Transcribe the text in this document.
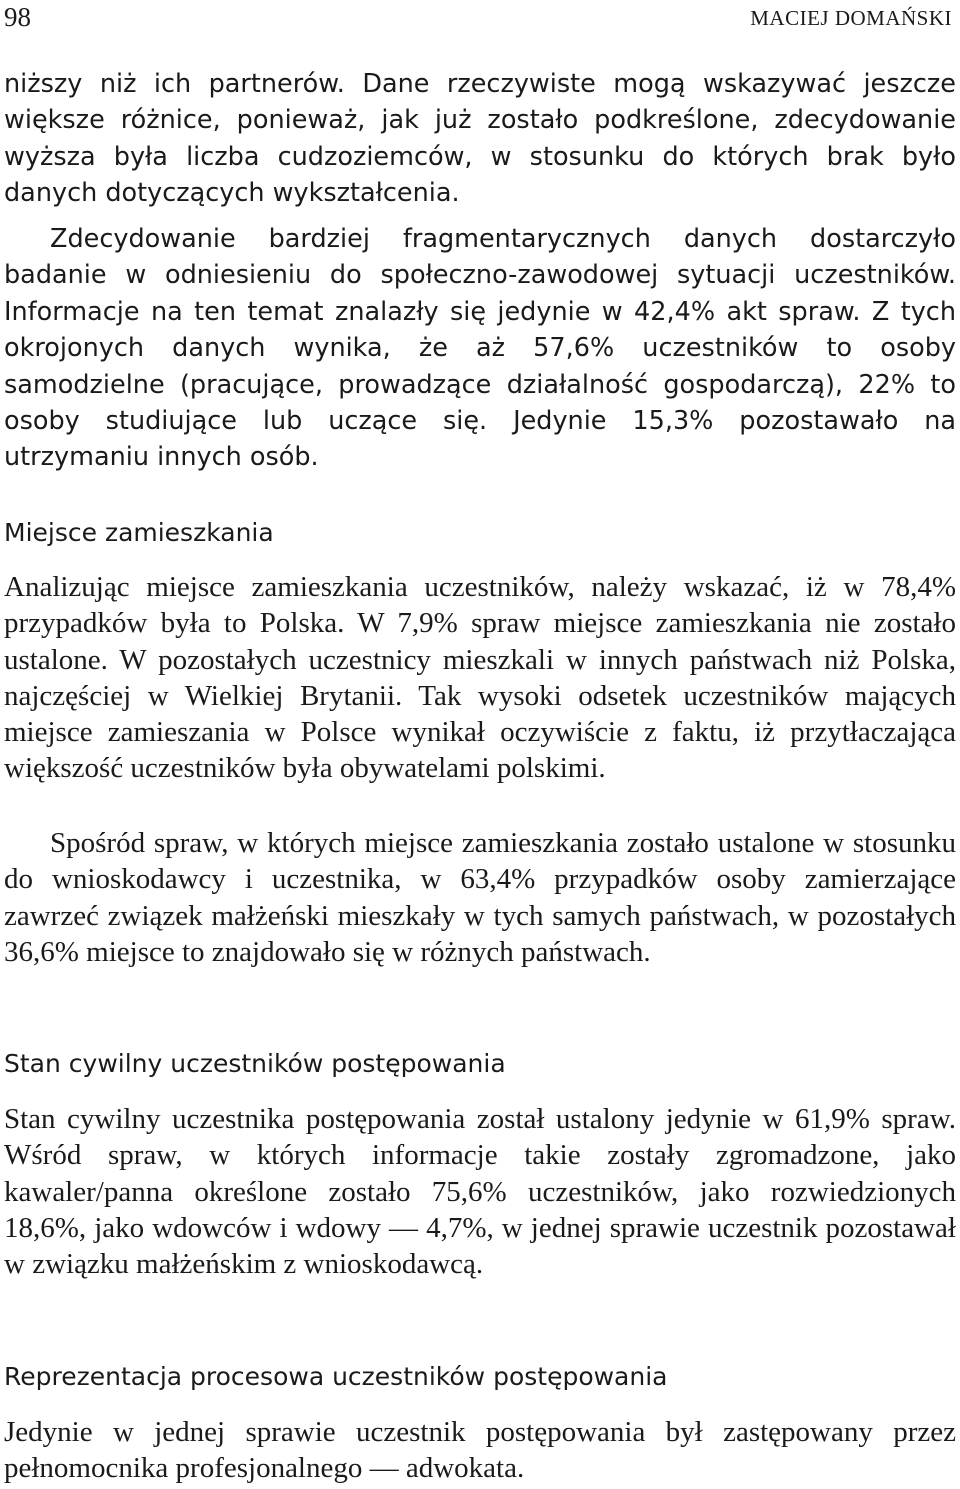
98	MACIEJ DOMAŃSKI

niższy niż ich partnerów. Dane rzeczywiste mogą wskazywać jeszcze większe różnice, ponieważ, jak już zostało podkreślone, zdecydowanie wyższa była liczba cudzoziemców, w stosunku do których brak było danych dotyczących wykształcenia.

Zdecydowanie bardziej fragmentarycznych danych dostarczyło badanie w odniesieniu do społeczno-zawodowej sytuacji uczestników. Informacje na ten temat znalazły się jedynie w 42,4% akt spraw. Z tych okrojonych danych wynika, że aż 57,6% uczestników to osoby samodzielne (pracujące, prowadzące działalność gospodarczą), 22% to osoby studiujące lub uczące się. Jedynie 15,3% pozostawało na utrzymaniu innych osób.

Miejsce zamieszkania

Analizując miejsce zamieszkania uczestników, należy wskazać, iż w 78,4% przypadków była to Polska. W 7,9% spraw miejsce zamieszkania nie zostało ustalone. W pozostałych uczestnicy mieszkali w innych państwach niż Polska, najczęściej w Wielkiej Brytanii. Tak wysoki odsetek uczestników mających miejsce zamieszania w Polsce wynikał oczywiście z faktu, iż przytłaczająca większość uczestników była obywatelami polskimi.

Spośród spraw, w których miejsce zamieszkania zostało ustalone w stosunku do wnioskodawcy i uczestnika, w 63,4% przypadków osoby zamierzające zawrzeć związek małżeński mieszkały w tych samych państwach, w pozostałych 36,6% miejsce to znajdowało się w różnych państwach.

Stan cywilny uczestników postępowania

Stan cywilny uczestnika postępowania został ustalony jedynie w 61,9% spraw. Wśród spraw, w których informacje takie zostały zgromadzone, jako kawaler/panna określone zostało 75,6% uczestników, jako rozwiedzionych 18,6%, jako wdowców i wdowy — 4,7%, w jednej sprawie uczestnik pozostawał w związku małżeńskim z wnioskodawcą.

Reprezentacja procesowa uczestników postępowania

Jedynie w jednej sprawie uczestnik postępowania był zastępowany przez pełnomocnika profesjonalnego — adwokata.
